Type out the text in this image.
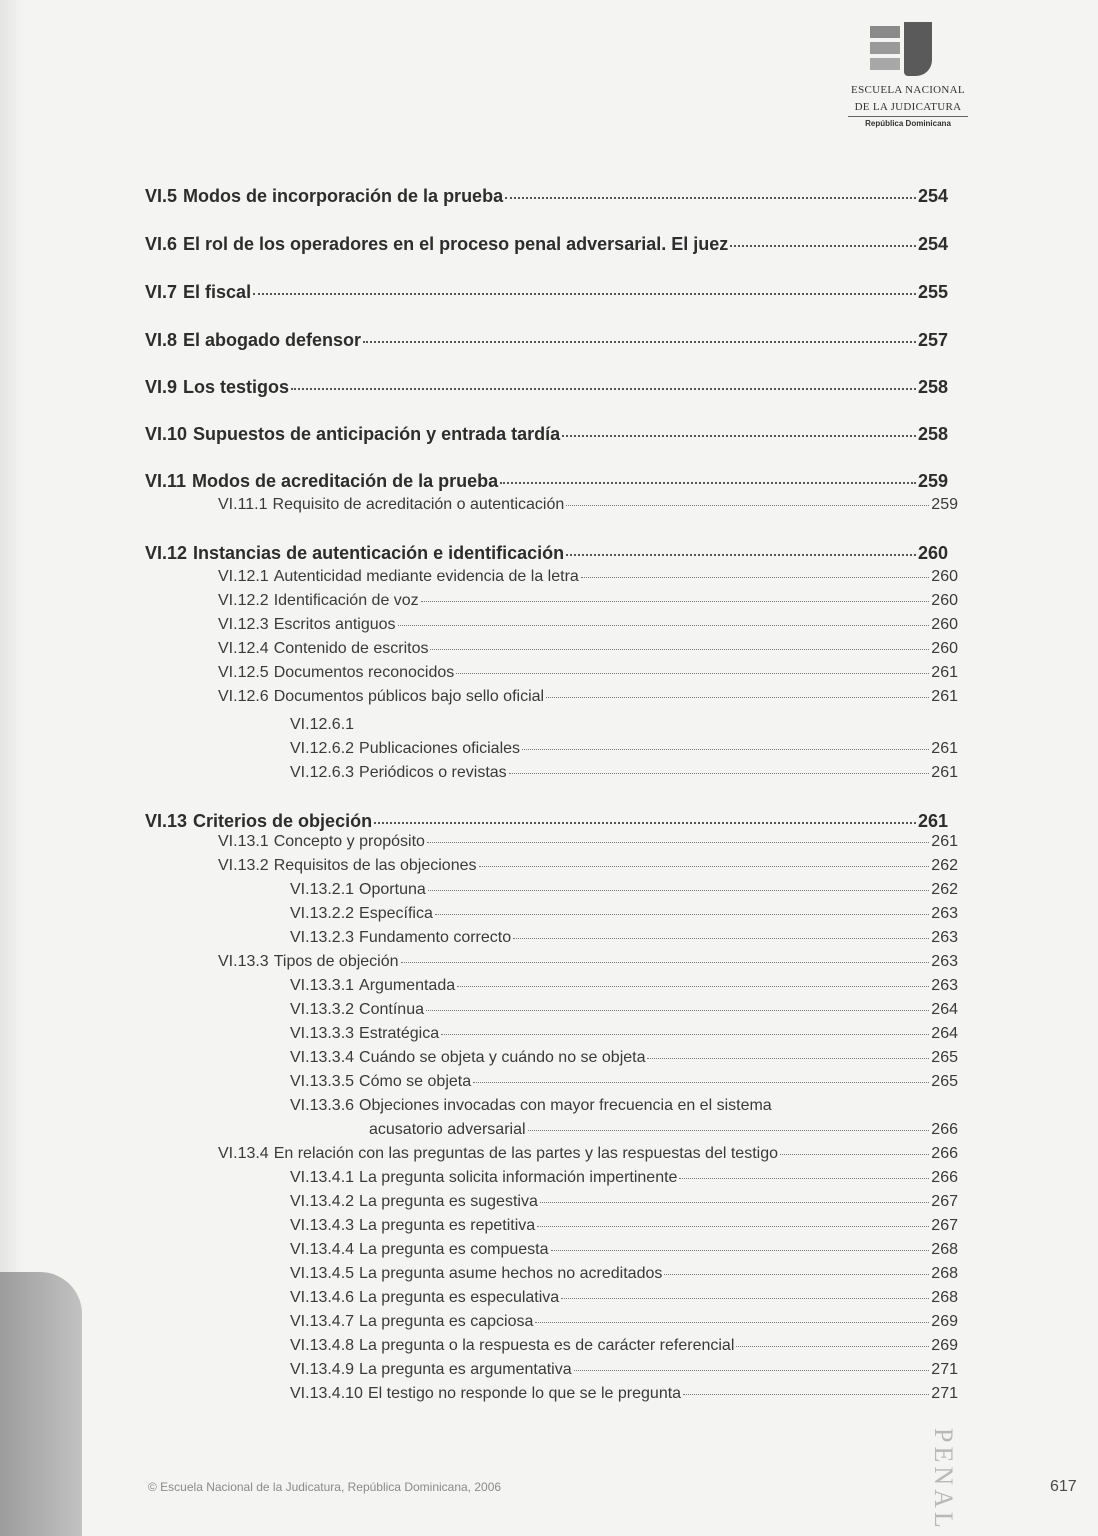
ESCUELA NACIONAL
DE LA JUDICATURA
República Dominicana
VI.5 Modos de incorporación de la prueba	254
VI.6 El rol de los operadores en el proceso penal adversarial. El juez	254
VI.7 El fiscal	255
VI.8 El abogado defensor	257
VI.9 Los testigos	258
VI.10 Supuestos de anticipación y entrada tardía	258
VI.11 Modos de acreditación de la prueba	259
VI.11.1 Requisito de acreditación o autenticación	259
VI.12 Instancias de autenticación e identificación	260
VI.12.1 Autenticidad mediante evidencia de la letra	260
VI.12.2 Identificación de voz	260
VI.12.3 Escritos antiguos	260
VI.12.4 Contenido de escritos	260
VI.12.5 Documentos reconocidos	261
VI.12.6 Documentos públicos bajo sello oficial	261
VI.12.6.1
VI.12.6.2 Publicaciones oficiales	261
VI.12.6.3 Periódicos o revistas	261
VI.13 Criterios de objeción	261
VI.13.1 Concepto y propósito	261
VI.13.2 Requisitos de las objeciones	262
VI.13.2.1 Oportuna	262
VI.13.2.2 Específica	263
VI.13.2.3 Fundamento correcto	263
VI.13.3 Tipos de objeción	263
VI.13.3.1 Argumentada	263
VI.13.3.2 Contínua	264
VI.13.3.3 Estratégica	264
VI.13.3.4 Cuándo se objeta y cuándo no se objeta	265
VI.13.3.5 Cómo se objeta	265
VI.13.3.6 Objeciones invocadas con mayor frecuencia en el sistema
acusatorio adversarial	266
VI.13.4 En relación con las preguntas de las partes y las respuestas del testigo	266
VI.13.4.1 La pregunta solicita información impertinente	266
VI.13.4.2 La pregunta es sugestiva	267
VI.13.4.3 La pregunta es repetitiva	267
VI.13.4.4 La pregunta es compuesta	268
VI.13.4.5 La pregunta asume hechos no acreditados	268
VI.13.4.6 La pregunta es especulativa	268
VI.13.4.7 La pregunta es capciosa	269
VI.13.4.8 La pregunta o la respuesta es de carácter referencial	269
VI.13.4.9 La pregunta es argumentativa	271
VI.13.4.10 El testigo no responde lo que se le pregunta	271
© Escuela Nacional de la Judicatura, República Dominicana, 2006	PENAL	617
